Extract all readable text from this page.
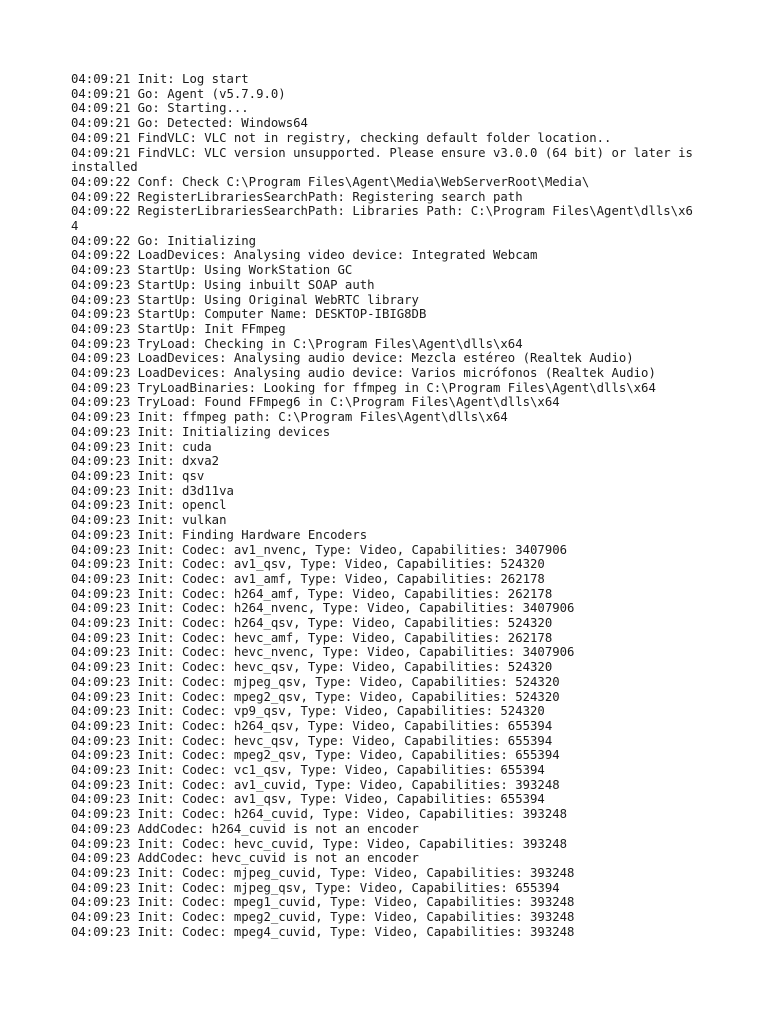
04:09:21 Init: Log start
04:09:21 Go: Agent (v5.7.9.0)
04:09:21 Go: Starting...
04:09:21 Go: Detected: Windows64
04:09:21 FindVLC: VLC not in registry, checking default folder location..
04:09:21 FindVLC: VLC version unsupported. Please ensure v3.0.0 (64 bit) or later is installed
04:09:22 Conf: Check C:\Program Files\Agent\Media\WebServerRoot\Media\
04:09:22 RegisterLibrariesSearchPath: Registering search path
04:09:22 RegisterLibrariesSearchPath: Libraries Path: C:\Program Files\Agent\dlls\x64
04:09:22 Go: Initializing
04:09:22 LoadDevices: Analysing video device: Integrated Webcam
04:09:23 StartUp: Using WorkStation GC
04:09:23 StartUp: Using inbuilt SOAP auth
04:09:23 StartUp: Using Original WebRTC library
04:09:23 StartUp: Computer Name: DESKTOP-IBIG8DB
04:09:23 StartUp: Init FFmpeg
04:09:23 TryLoad: Checking in C:\Program Files\Agent\dlls\x64
04:09:23 LoadDevices: Analysing audio device: Mezcla estéreo (Realtek Audio)
04:09:23 LoadDevices: Analysing audio device: Varios micrófonos (Realtek Audio)
04:09:23 TryLoadBinaries: Looking for ffmpeg in C:\Program Files\Agent\dlls\x64
04:09:23 TryLoad: Found FFmpeg6 in C:\Program Files\Agent\dlls\x64
04:09:23 Init: ffmpeg path: C:\Program Files\Agent\dlls\x64
04:09:23 Init: Initializing devices
04:09:23 Init: cuda
04:09:23 Init: dxva2
04:09:23 Init: qsv
04:09:23 Init: d3d11va
04:09:23 Init: opencl
04:09:23 Init: vulkan
04:09:23 Init: Finding Hardware Encoders
04:09:23 Init: Codec: av1_nvenc, Type: Video, Capabilities: 3407906
04:09:23 Init: Codec: av1_qsv, Type: Video, Capabilities: 524320
04:09:23 Init: Codec: av1_amf, Type: Video, Capabilities: 262178
04:09:23 Init: Codec: h264_amf, Type: Video, Capabilities: 262178
04:09:23 Init: Codec: h264_nvenc, Type: Video, Capabilities: 3407906
04:09:23 Init: Codec: h264_qsv, Type: Video, Capabilities: 524320
04:09:23 Init: Codec: hevc_amf, Type: Video, Capabilities: 262178
04:09:23 Init: Codec: hevc_nvenc, Type: Video, Capabilities: 3407906
04:09:23 Init: Codec: hevc_qsv, Type: Video, Capabilities: 524320
04:09:23 Init: Codec: mjpeg_qsv, Type: Video, Capabilities: 524320
04:09:23 Init: Codec: mpeg2_qsv, Type: Video, Capabilities: 524320
04:09:23 Init: Codec: vp9_qsv, Type: Video, Capabilities: 524320
04:09:23 Init: Codec: h264_qsv, Type: Video, Capabilities: 655394
04:09:23 Init: Codec: hevc_qsv, Type: Video, Capabilities: 655394
04:09:23 Init: Codec: mpeg2_qsv, Type: Video, Capabilities: 655394
04:09:23 Init: Codec: vc1_qsv, Type: Video, Capabilities: 655394
04:09:23 Init: Codec: av1_cuvid, Type: Video, Capabilities: 393248
04:09:23 Init: Codec: av1_qsv, Type: Video, Capabilities: 655394
04:09:23 Init: Codec: h264_cuvid, Type: Video, Capabilities: 393248
04:09:23 AddCodec: h264_cuvid is not an encoder
04:09:23 Init: Codec: hevc_cuvid, Type: Video, Capabilities: 393248
04:09:23 AddCodec: hevc_cuvid is not an encoder
04:09:23 Init: Codec: mjpeg_cuvid, Type: Video, Capabilities: 393248
04:09:23 Init: Codec: mjpeg_qsv, Type: Video, Capabilities: 655394
04:09:23 Init: Codec: mpeg1_cuvid, Type: Video, Capabilities: 393248
04:09:23 Init: Codec: mpeg2_cuvid, Type: Video, Capabilities: 393248
04:09:23 Init: Codec: mpeg4_cuvid, Type: Video, Capabilities: 393248
